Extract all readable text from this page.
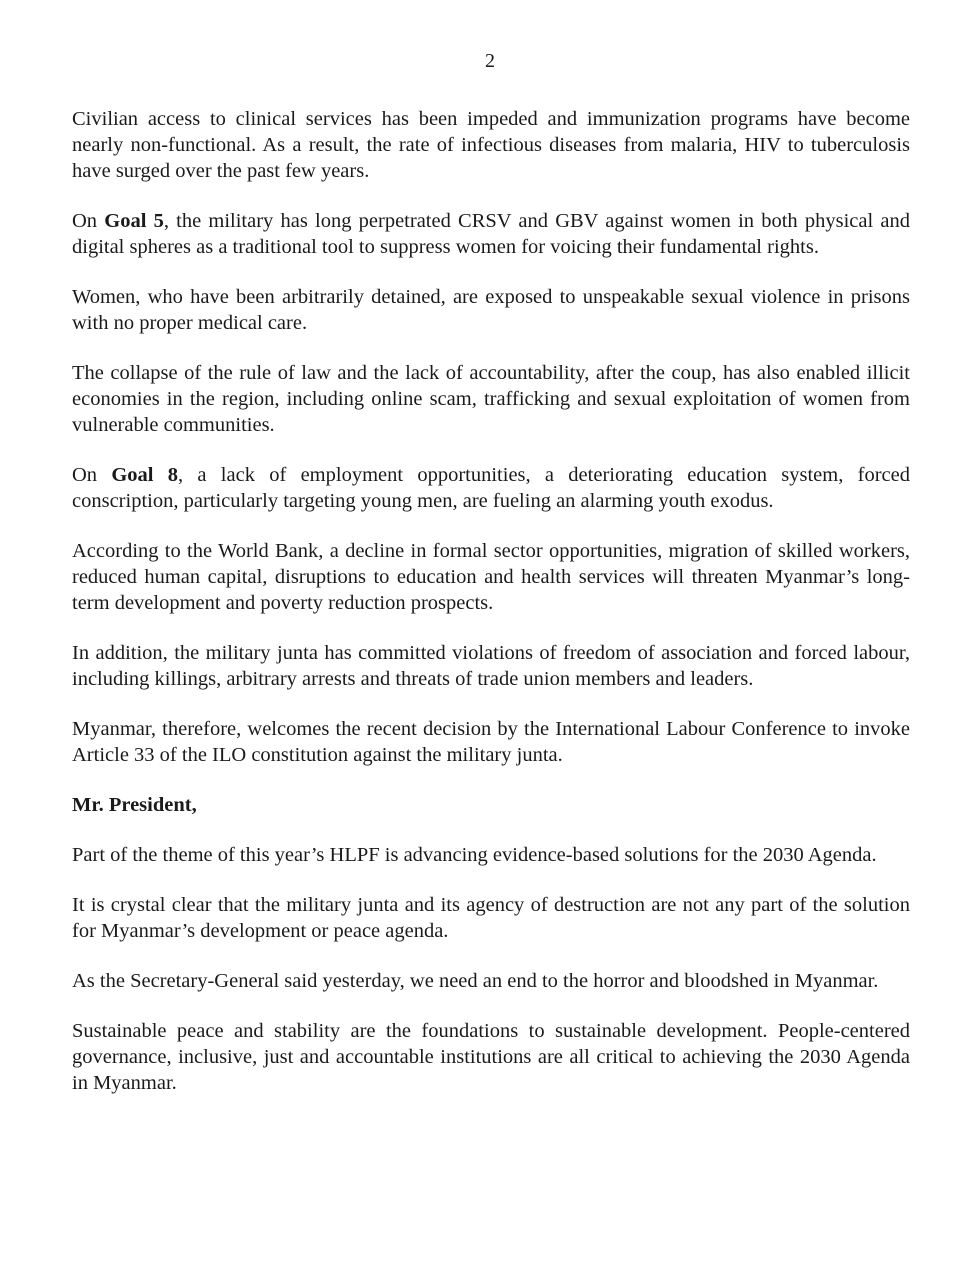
2

Civilian access to clinical services has been impeded and immunization programs have become nearly non-functional. As a result, the rate of infectious diseases from malaria, HIV to tuberculosis have surged over the past few years.

On Goal 5, the military has long perpetrated CRSV and GBV against women in both physical and digital spheres as a traditional tool to suppress women for voicing their fundamental rights.

Women, who have been arbitrarily detained, are exposed to unspeakable sexual violence in prisons with no proper medical care.

The collapse of the rule of law and the lack of accountability, after the coup, has also enabled illicit economies in the region, including online scam, trafficking and sexual exploitation of women from vulnerable communities.

On Goal 8, a lack of employment opportunities, a deteriorating education system, forced conscription, particularly targeting young men, are fueling an alarming youth exodus.

According to the World Bank, a decline in formal sector opportunities, migration of skilled workers, reduced human capital, disruptions to education and health services will threaten Myanmar’s long-term development and poverty reduction prospects.

In addition, the military junta has committed violations of freedom of association and forced labour, including killings, arbitrary arrests and threats of trade union members and leaders.

Myanmar, therefore, welcomes the recent decision by the International Labour Conference to invoke Article 33 of the ILO constitution against the military junta.

Mr. President,

Part of the theme of this year’s HLPF is advancing evidence-based solutions for the 2030 Agenda.

It is crystal clear that the military junta and its agency of destruction are not any part of the solution for Myanmar’s development or peace agenda.

As the Secretary-General said yesterday, we need an end to the horror and bloodshed in Myanmar.

Sustainable peace and stability are the foundations to sustainable development. People-centered governance, inclusive, just and accountable institutions are all critical to achieving the 2030 Agenda in Myanmar.
